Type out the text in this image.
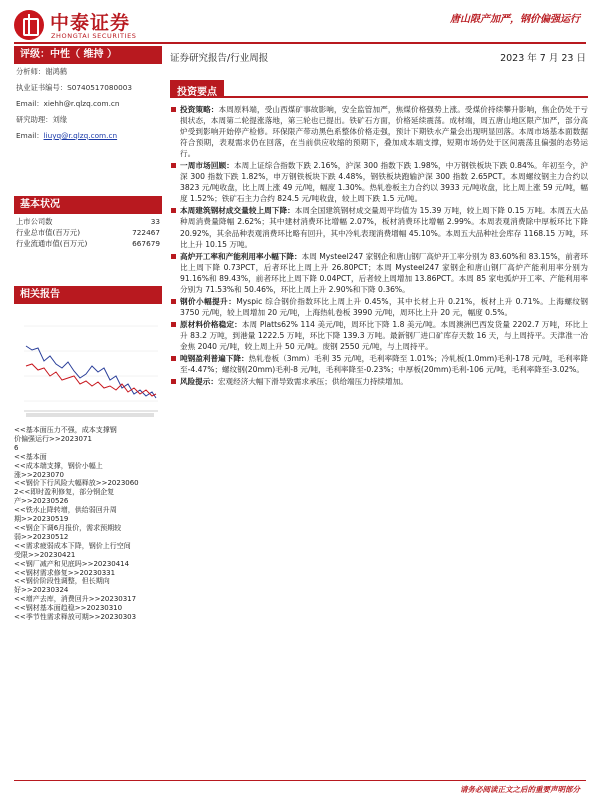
中泰证券
ZHONGTAI SECURITIES
唐山限产加严，钢价偏强运行
评级：中性（ 维持 ）
分析师：谢鸿鹤
执业证书编号：S0740517080003
Email：xiehh@r.qlzq.com.cn
研究助理：刘缘
Email：liuyq@r.qlzq.com.cn
基本状况
上市公司数	33
行业总市值(百万元)	722467
行业流通市值(百万元)	667679
相关报告
<<基本面压力不强，成本支撑钢
价偏强运行>>2023071
6
<<基本面
<<成本端支撑，钢价小幅上
涨>>2023070
<<钢价下行风险大幅释放>>2023060
2<<即时盈利修复，部分钢企复
产>>20230526
<<铁水止降转增，供给弱回升周
期>>20230519
<<钢企下调6月报价，需求预期较
弱>>20230512
<<需求疲弱成本下降，钢价上行空间
受限>>20230421
<<钢厂减产和见底吗>>20230414
<<钢材需求修复>>20230331
<<钢价阶段性调整，但长期向
好>>20230324
<<增产去库，消费回升>>20230317
<<钢材基本面趋稳>>20230310
<<季节性需求释放可期>>20230303
证券研究报告/行业周报	2023 年 7 月 23 日
投资要点
投资策略：本周原料端，受山西煤矿事故影响，安全监管加严，焦煤价格强势上涨。受煤价持续攀升影响，焦企仍处于亏损状态，本周第二轮提涨落地，第三轮也已提出。铁矿石方面，价格延续震荡。成材端，周五唐山地区限产加严，部分高炉受到影响开始停产检修。环保限产带动黑色系整体价格走强，预计下期铁水产量会出现明显回落。本周市场基本面数据符合预期，表观需求仍在回落，在当前供应收缩的预期下，叠加成本端支撑，短期市场仍处于区间震荡且偏强的态势运行。
一周市场回顾：本周上证综合指数下跌 2.16%，沪深 300 指数下跌 1.98%，中万钢铁板块下跌 0.84%。年初至今，沪深 300 指数下跌 1.82%，申万钢铁板块下跌 4.48%，钢铁板块跑输沪深 300 指数 2.65PCT。本周螺纹钢主力合约以 3823 元/吨收盘，比上周上涨 49 元/吨，幅度 1.30%。热轧卷板主力合约以 3933 元/吨收盘，比上周上涨 59 元/吨，幅度 1.52%；铁矿石主力合约 824.5 元/吨收盘，较上周下跌 1.5 元/吨。
本周建筑钢材成交量较上周下降：本周全国建筑钢材成交量周平均值为 15.39 万吨，较上周下降 0.15 万吨。本周五大品种周消费量降幅 2.62%；其中建材消费环比增幅 2.07%，板材消费环比增幅 2.99%。本周表观消费除中厚板环比下降 20.92%，其余品种表观消费环比略有回升，其中冷轧表现消费增幅 45.10%。本周五大品种社会库存 1168.15 万吨，环比上升 10.15 万吨。
高炉开工率和产能利用率小幅下降：本周 Mysteel247 家钢企和唐山钢厂高炉开工率分别为 83.60%和 83.15%，前者环比上周下降 0.73PCT，后者环比上周上升 26.80PCT；本周 Mysteel247 家钢企和唐山钢厂高炉产能利用率分别为 91.16%和 89.43%，前者环比上周下降 0.04PCT，后者较上周增加 13.86PCT。本周 85 家电弧炉开工率、产能利用率分别为 71.53%和 50.46%，环比上周上升 2.90%和下降 0.36%。
钢价小幅提升：Myspic 综合钢价指数环比上周上升 0.45%，其中长材上升 0.21%，板材上升 0.71%。上海螺纹钢 3750 元/吨，较上周增加 20 元/吨，上海热轧卷板 3990 元/吨，周环比上升 20 元，幅度 0.5%。
原材料价格稳定：本周 Platts62% 114 美元/吨，周环比下降 1.8 美元/吨。本周澳洲巴西发货量 2202.7 万吨，环比上升 83.2 万吨，到港量 1222.5 万吨，环比下降 139.3 万吨。最新钢厂进口矿库存天数 16 天，与上周持平。天津准一冶金焦 2040 元/吨，较上周上升 50 元/吨。废钢 2550 元/吨，与上周持平。
吨钢盈利普遍下降：热轧卷板（3mm）毛利 35 元/吨，毛利率降至 1.01%；冷轧板(1.0mm)毛利-178 元/吨，毛利率降至-4.47%；螺纹钢(20mm)毛利-8 元/吨，毛利率降至-0.23%；中厚板(20mm)毛利-106 元/吨，毛利率降至-3.02%。
风险提示：宏观经济大幅下滑导致需求承压；供给端压力持续增加。
请务必阅读正文之后的重要声明部分
